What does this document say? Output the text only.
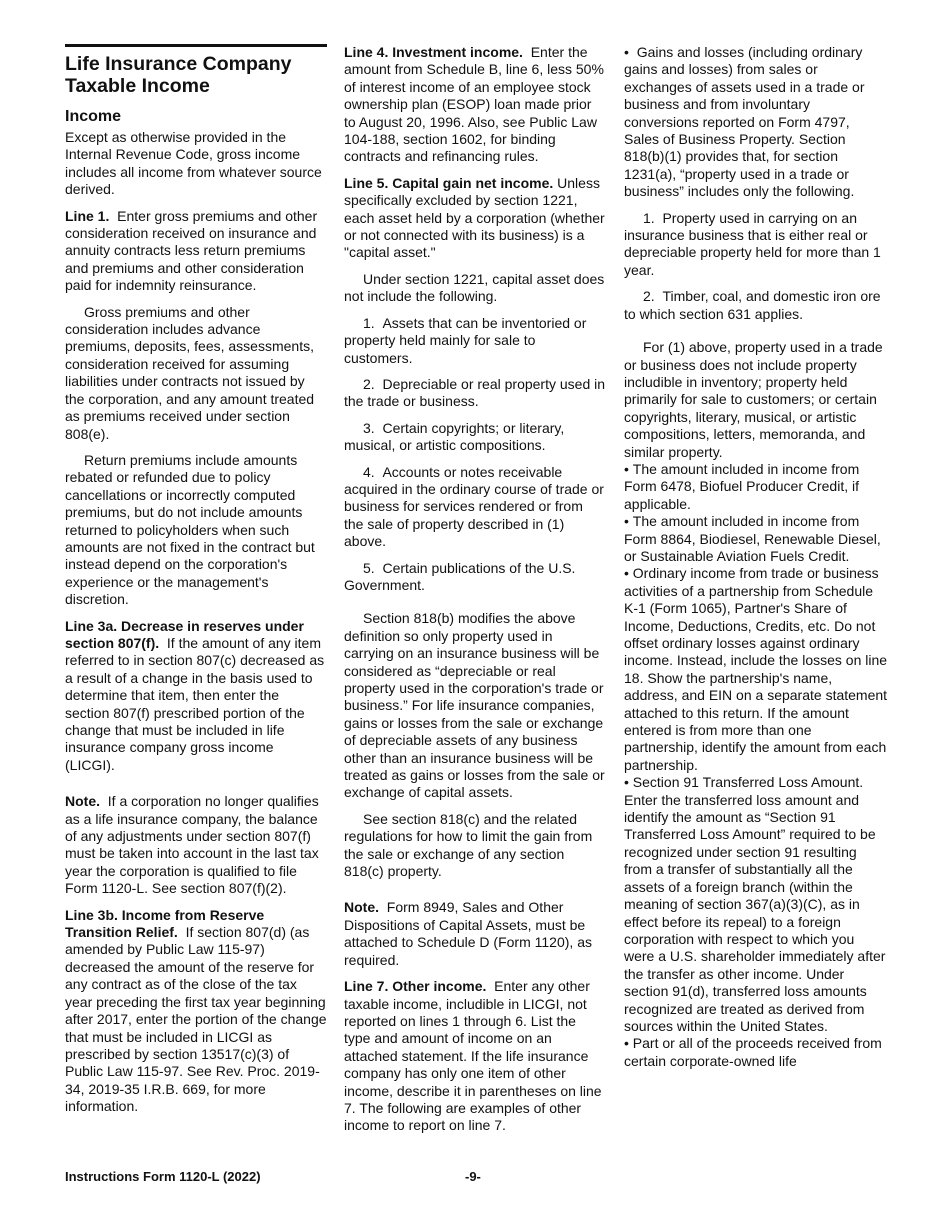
Life Insurance Company Taxable Income
Income

Except as otherwise provided in the Internal Revenue Code, gross income includes all income from whatever source derived.

Line 1. Enter gross premiums and other consideration received on insurance and annuity contracts less return premiums and premiums and other consideration paid for indemnity reinsurance.

Gross premiums and other consideration includes advance premiums, deposits, fees, assessments, consideration received for assuming liabilities under contracts not issued by the corporation, and any amount treated as premiums received under section 808(e).

Return premiums include amounts rebated or refunded due to policy cancellations or incorrectly computed premiums, but do not include amounts returned to policyholders when such amounts are not fixed in the contract but instead depend on the corporation's experience or the management's discretion.

Line 3a. Decrease in reserves under section 807(f). If the amount of any item referred to in section 807(c) decreased as a result of a change in the basis used to determine that item, then enter the section 807(f) prescribed portion of the change that must be included in life insurance company gross income (LICGI).

Note. If a corporation no longer qualifies as a life insurance company, the balance of any adjustments under section 807(f) must be taken into account in the last tax year the corporation is qualified to file Form 1120-L. See section 807(f)(2).

Line 3b. Income from Reserve Transition Relief. If section 807(d) (as amended by Public Law 115-97) decreased the amount of the reserve for any contract as of the close of the tax year preceding the first tax year beginning after 2017, enter the portion of the change that must be included in LICGI as prescribed by section 13517(c)(3) of Public Law 115-97. See Rev. Proc. 2019-34, 2019-35 I.R.B. 669, for more information.

Line 4. Investment income. Enter the amount from Schedule B, line 6, less 50% of interest income of an employee stock ownership plan (ESOP) loan made prior to August 20, 1996. Also, see Public Law 104-188, section 1602, for binding contracts and refinancing rules.

Line 5. Capital gain net income. Unless specifically excluded by section 1221, each asset held by a corporation (whether or not connected with its business) is a "capital asset."

Under section 1221, capital asset does not include the following.

1.  Assets that can be inventoried or property held mainly for sale to customers.

2.  Depreciable or real property used in the trade or business.

3.  Certain copyrights; or literary, musical, or artistic compositions.

4.  Accounts or notes receivable acquired in the ordinary course of trade or business for services rendered or from the sale of property described in (1) above.

5.  Certain publications of the U.S. Government.

Section 818(b) modifies the above definition so only property used in carrying on an insurance business will be considered as “depreciable or real property used in the corporation's trade or business.” For life insurance companies, gains or losses from the sale or exchange of depreciable assets of any business other than an insurance business will be treated as gains or losses from the sale or exchange of capital assets.

See section 818(c) and the related regulations for how to limit the gain from the sale or exchange of any section 818(c) property.

Note. Form 8949, Sales and Other Dispositions of Capital Assets, must be attached to Schedule D (Form 1120), as required.

Line 7. Other income. Enter any other taxable income, includible in LICGI, not reported on lines 1 through 6. List the type and amount of income on an attached statement. If the life insurance company has only one item of other income, describe it in parentheses on line 7. The following are examples of other income to report on line 7.

• Gains and losses (including ordinary gains and losses) from sales or exchanges of assets used in a trade or business and from involuntary conversions reported on Form 4797, Sales of Business Property. Section 818(b)(1) provides that, for section 1231(a), “property used in a trade or business” includes only the following.

1.  Property used in carrying on an insurance business that is either real or depreciable property held for more than 1 year.

2.  Timber, coal, and domestic iron ore to which section 631 applies.

For (1) above, property used in a trade or business does not include property includible in inventory; property held primarily for sale to customers; or certain copyrights, literary, musical, or artistic compositions, letters, memoranda, and similar property.

• The amount included in income from Form 6478, Biofuel Producer Credit, if applicable.

• The amount included in income from Form 8864, Biodiesel, Renewable Diesel, or Sustainable Aviation Fuels Credit.

• Ordinary income from trade or business activities of a partnership from Schedule K-1 (Form 1065), Partner's Share of Income, Deductions, Credits, etc. Do not offset ordinary losses against ordinary income. Instead, include the losses on line 18. Show the partnership's name, address, and EIN on a separate statement attached to this return. If the amount entered is from more than one partnership, identify the amount from each partnership.

• Section 91 Transferred Loss Amount. Enter the transferred loss amount and identify the amount as “Section 91 Transferred Loss Amount” required to be recognized under section 91 resulting from a transfer of substantially all the assets of a foreign branch (within the meaning of section 367(a)(3)(C), as in effect before its repeal) to a foreign corporation with respect to which you were a U.S. shareholder immediately after the transfer as other income. Under section 91(d), transferred loss amounts recognized are treated as derived from sources within the United States.

• Part or all of the proceeds received from certain corporate-owned life

Instructions Form 1120-L (2022)	-9-
